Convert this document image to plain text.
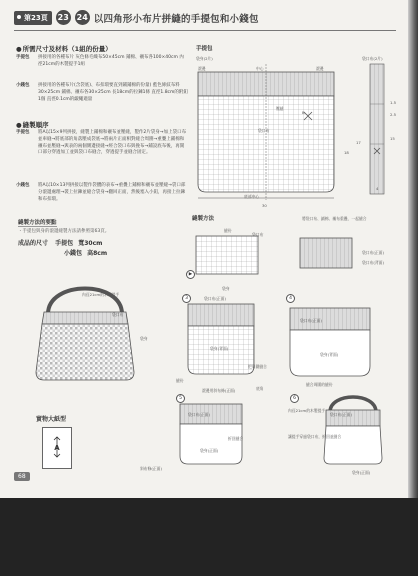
第23頁	23 24 以四角形小布片拼縫的手提包和小錢包
● 所需尺寸及材料（1組的份量）
手提包	拼接用的各種布片 灰色條毛織布50×45cm 鋪棉、襯布各100×40cm 內徑21cm的木製提手1組
小錢包	拼接用的各種布片(含袋底)、布扣環要直到鋪鋪棉的份量) 藍色條紋布料30×25cm 鋪棉、襯布各30×25cm 長18cm的拉鍊1條 直徑1.8cm的附釦1個 直徑0.1cm的緞繩適量
● 縫製順序
手提包	將A以15×9列拼接，縫製上鋪棉和襯布並壓縫，製作2片袋身→加上袋口布並車縫→將底部的角落壓成袋底→將兩片正面相對縫合周圍→重疊上鋪棉和襯布並壓縫→與表的兩個側邊接縫→經合袋口布與挽布→鋪設底布後，再開口部分穿過加工並與袋口布縫合，穿過提手並縫合固定。
小錢包	將A以10×13列拼接以製作袋體的表布→重疊上鋪棉和襯布並壓縫→袋口部分滾邊處理→裝上拉鍊並縫合袋身→翻回正面，然後塞入小釦，再接上拉鍊和布扣環。
縫製方法的要點
・手提包與身的滾邊縫製方法請參照第63頁。
成品的尺寸 手提包 寬30cm
小錢包 高8cm
內徑21cm的木製提手
袋口布
袋身
實物大紙型
A
手提包
袋身(2片)
滾邊	中心	滾邊
壓縫
袋口布
B
底部中心
30
18
袋口布(2片)
1.5
2.5
15
17
4
縫製方法
縫份
袋口布
袋身
▶
將袋口布、鋪棉、襯布重疊，一起縫合
袋口布(正面)
袋口布(背面)
3	袋口布(正面)
袋身(背面)
把周圍縫合
縫份
底角
4
袋口布(正面)
袋身(背面)
縫合周圍的縫份
5
袋口布(正面)
袋身(正面)
滾邊用斜布條(正面)
折回縫合
斜布條(正面)
6
內徑21cm的木製提手
袋口布(正面)
讓提手穿過袋口布，折回並縫合
袋身(正面)
68
